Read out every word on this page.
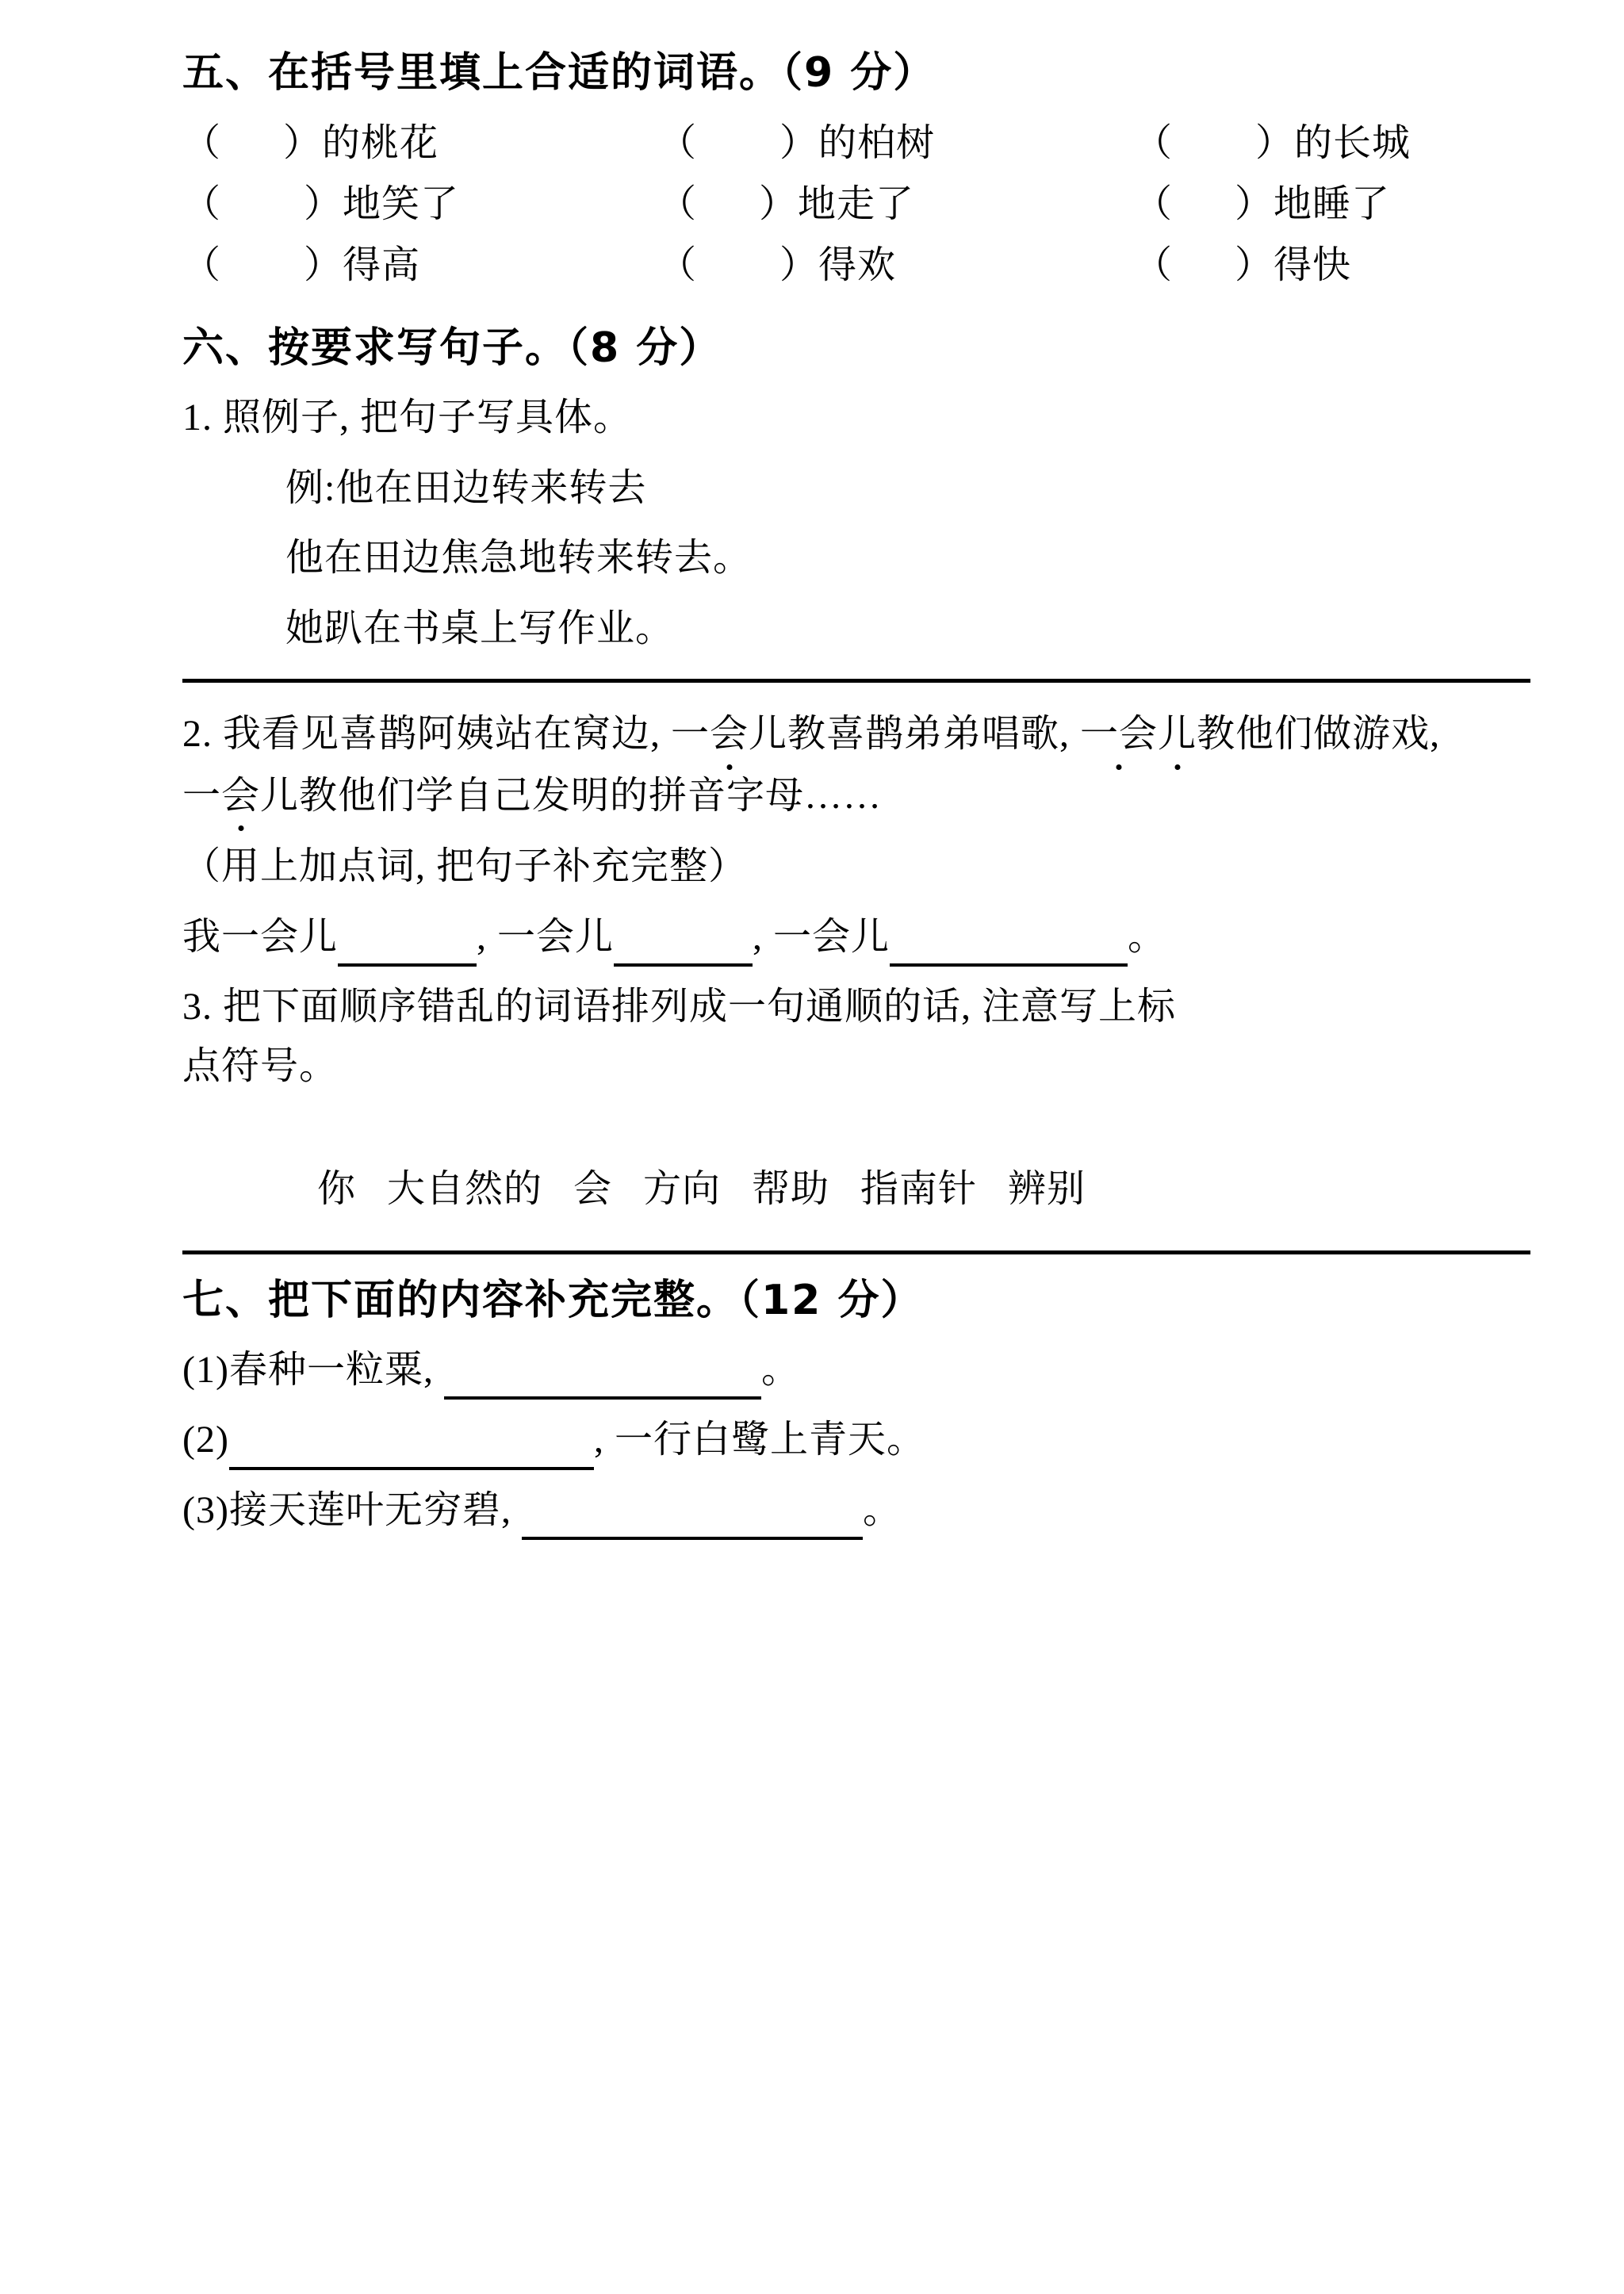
五、在括号里填上合适的词语。（9 分）
（      ）的桃花	（        ）的柏树	（        ）的长城
（        ）地笑了	（      ）地走了	（      ）地睡了
（        ）得高	（        ）得欢	（      ）得快
六、按要求写句子。（8 分）

1. 照例子, 把句子写具体。

例:他在田边转来转去

他在田边焦急地转来转去。

她趴在书桌上写作业。

2. 我看见喜鹊阿姨站在窝边, 一会儿教喜鹊弟弟唱歌, 一会儿教他们做游戏, 一会儿教他们学自己发明的拼音字母……

（用上加点词, 把句子补充完整）

我一会儿	, 一会儿	, 一会儿	。

3. 把下面顺序错乱的词语排列成一句通顺的话, 注意写上标

点符号。

你   大自然的   会   方向   帮助   指南针   辨别

七、把下面的内容补充完整。（12 分）

(1)春种一粒粟,	。

(2)	, 一行白鹭上青天。

(3)接天莲叶无穷碧,	。
